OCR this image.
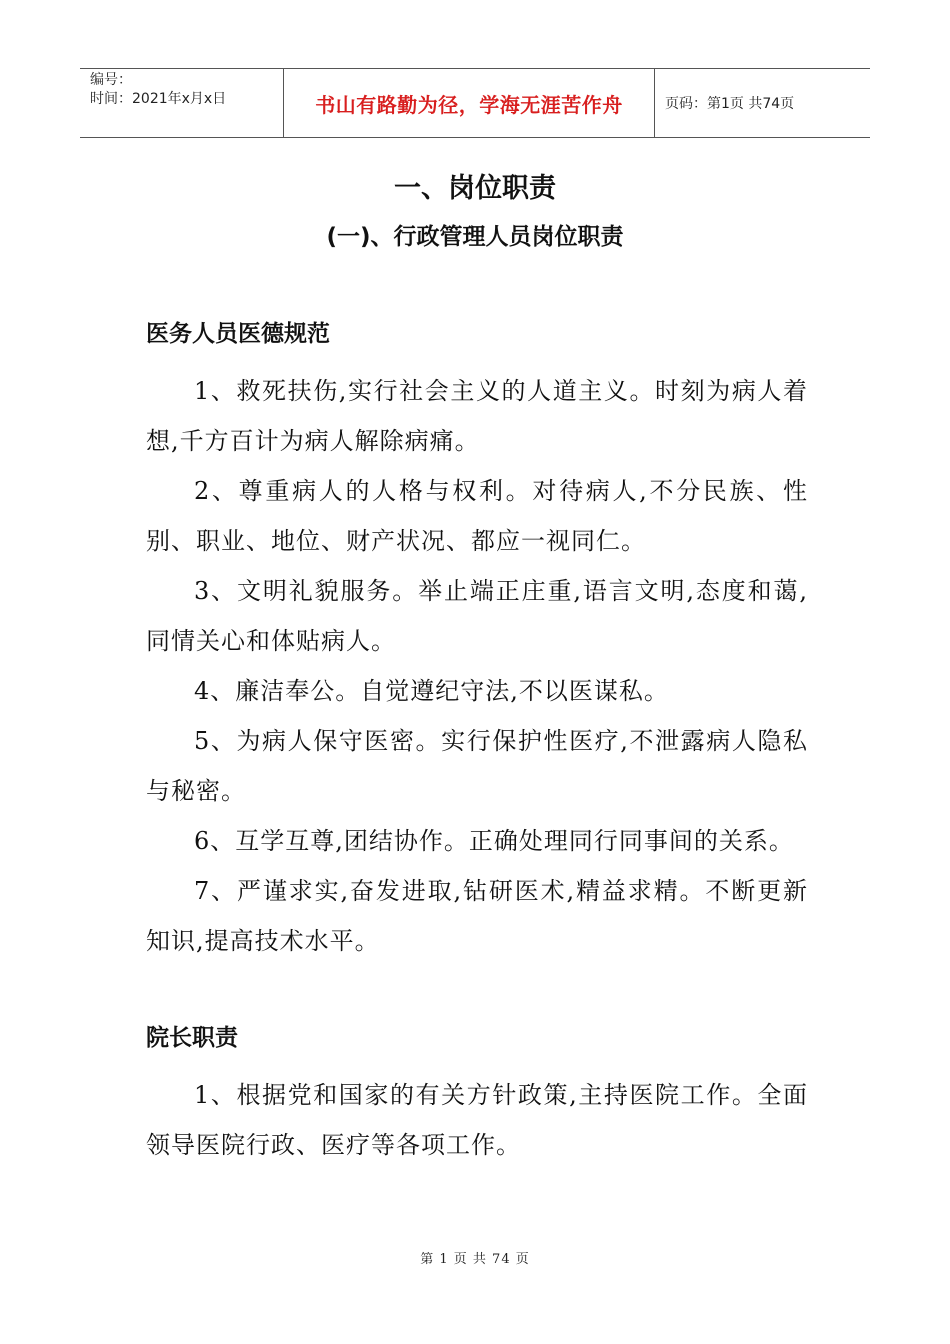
编号：
时间：2021年x月x日	书山有路勤为径，学海无涯苦作舟	页码：第1页 共74页
一、岗位职责
(一)、行政管理人员岗位职责
医务人员医德规范

1、救死扶伤,实行社会主义的人道主义。时刻为病人着想,千方百计为病人解除病痛。

2、尊重病人的人格与权利。对待病人,不分民族、性别、职业、地位、财产状况、都应一视同仁。

3、文明礼貌服务。举止端正庄重,语言文明,态度和蔼,同情关心和体贴病人。

4、廉洁奉公。自觉遵纪守法,不以医谋私。

5、为病人保守医密。实行保护性医疗,不泄露病人隐私与秘密。

6、互学互尊,团结协作。正确处理同行同事间的关系。

7、严谨求实,奋发进取,钻研医术,精益求精。不断更新知识,提高技术水平。

院长职责

1、根据党和国家的有关方针政策,主持医院工作。全面领导医院行政、医疗等各项工作。

第 1 页 共 74 页
